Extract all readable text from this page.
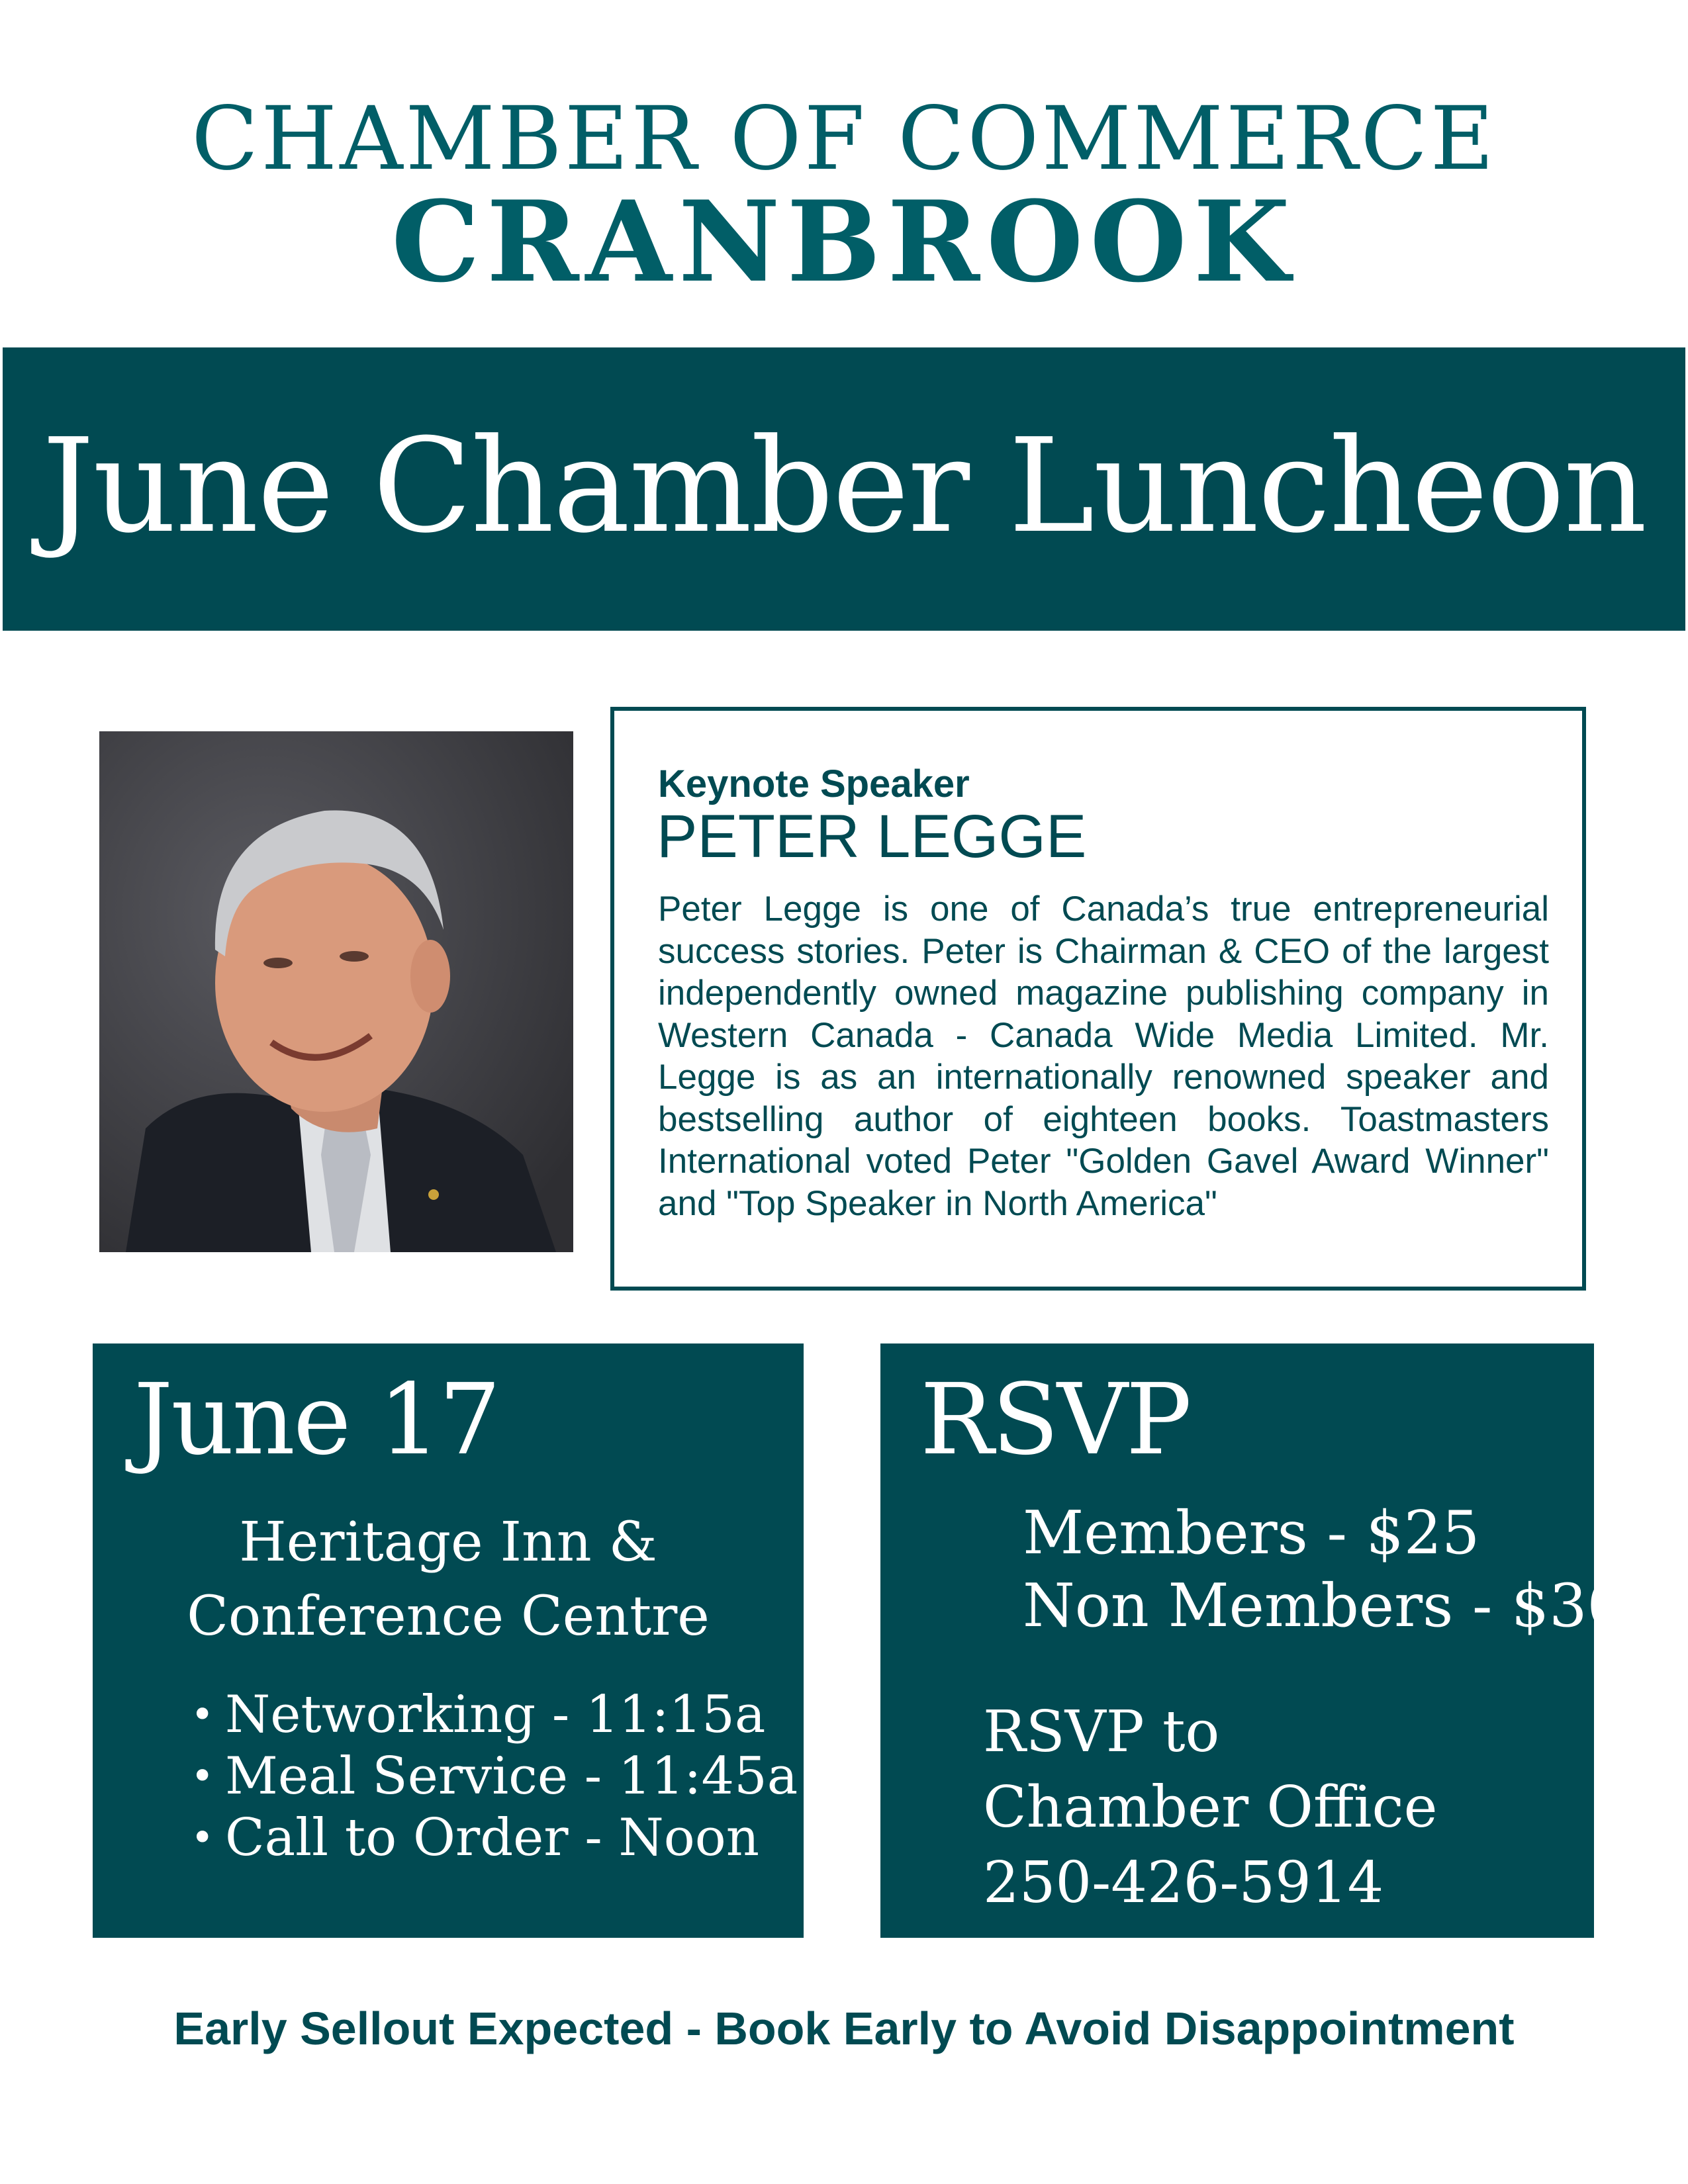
CHAMBER OF COMMERCE
CRANBROOK
June Chamber Luncheon
Keynote Speaker
PETER LEGGE
Peter Legge is one of Canada’s true entrepreneurial success stories. Peter is Chairman & CEO of the largest independently owned magazine publishing company in Western Canada - Canada Wide Media Limited. Mr. Legge is as an internationally renowned speaker and bestselling author of eighteen books. Toastmasters International voted Peter "Golden Gavel Award Winner" and "Top Speaker in North America"
June 17
Heritage Inn &
Conference Centre
• Networking - 11:15a
• Meal Service - 11:45a
• Call to Order - Noon
RSVP
Members - $25
Non Members - $30
RSVP to
Chamber Office
250-426-5914
Early Sellout Expected - Book Early to Avoid Disappointment
